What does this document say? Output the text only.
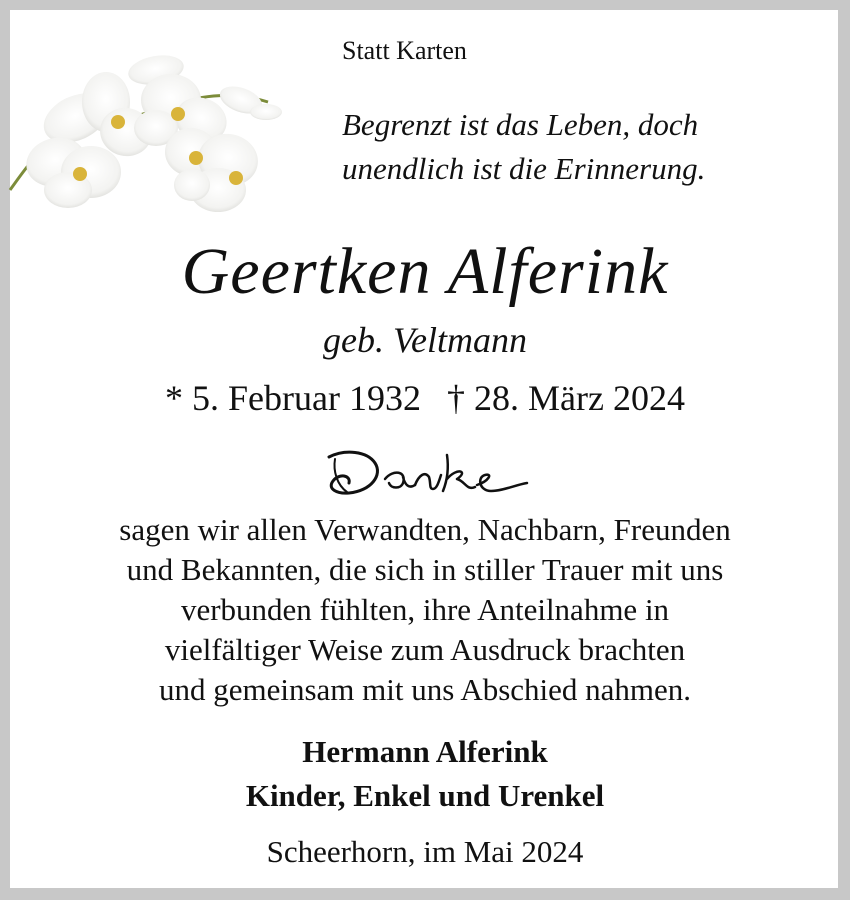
Statt Karten
Begrenzt ist das Leben, doch
unendlich ist die Erinnerung.
Geertken Alferink
geb. Veltmann
* 5. Februar 1932 † 28. März 2024
sagen wir allen Verwandten, Nachbarn, Freunden
und Bekannten, die sich in stiller Trauer mit uns
verbunden fühlten, ihre Anteilnahme in
vielfältiger Weise zum Ausdruck brachten
und gemeinsam mit uns Abschied nahmen.
Hermann Alferink
Kinder, Enkel und Urenkel
Scheerhorn, im Mai 2024
